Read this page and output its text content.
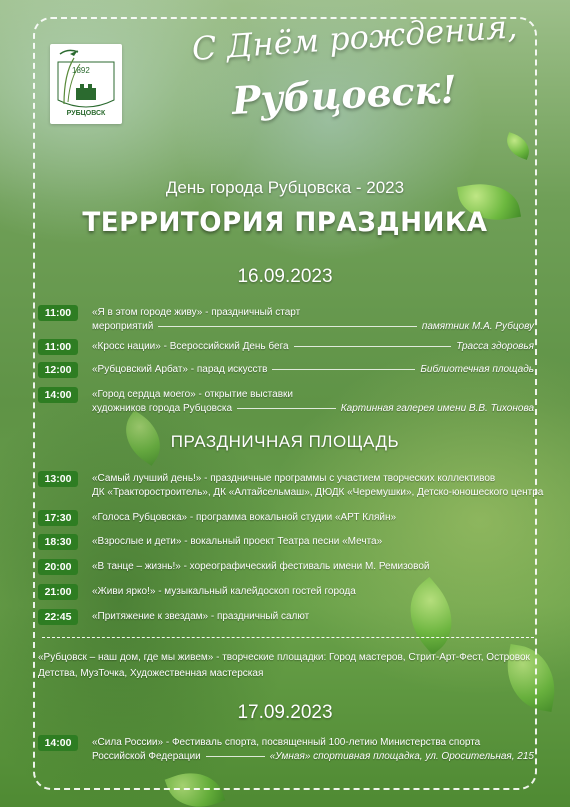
1892
РУБЦОВСК
С Днём рождения,
Рубцовск!
День города Рубцовска - 2023
ТЕРРИТОРИЯ ПРАЗДНИКА
16.09.2023
11:00	«Я в этом городе живу» - праздничный старт
мероприятий	памятник М.А. Рубцову
11:00	«Кросс нации» - Всероссийский День бега	Трасса здоровья
12:00	«Рубцовский Арбат» - парад искусств	Библиотечная площадь
14:00	«Город сердца моего» - открытие выставки
художников города Рубцовска	Картинная галерея имени В.В. Тихонова
ПРАЗДНИЧНАЯ ПЛОЩАДЬ
13:00	«Самый лучший день!» - праздничные программы с участием творческих коллективов
ДК «Тракторостроитель», ДК «Алтайсельмаш», ДЮДК «Черемушки», Детско-юношеского центра
17:30	«Голоса Рубцовска» - программа вокальной студии «АРТ Кляйн»
18:30	«Взрослые и дети» - вокальный проект Театра песни «Мечта»
20:00	«В танце – жизнь!» - хореографический фестиваль имени М. Ремизовой
21:00	«Живи ярко!» - музыкальный калейдоскоп гостей города
22:45	«Притяжение к звездам» - праздничный салют
«Рубцовск – наш дом, где мы живем» - творческие площадки: Город мастеров, Стрит-Арт-Фест, Островок
Детства, МузТочка, Художественная мастерская
17.09.2023
14:00	«Сила России» - Фестиваль спорта, посвященный 100-летию Министерства спорта
Российской Федерации	«Умная» спортивная площадка, ул. Оросительная, 215
